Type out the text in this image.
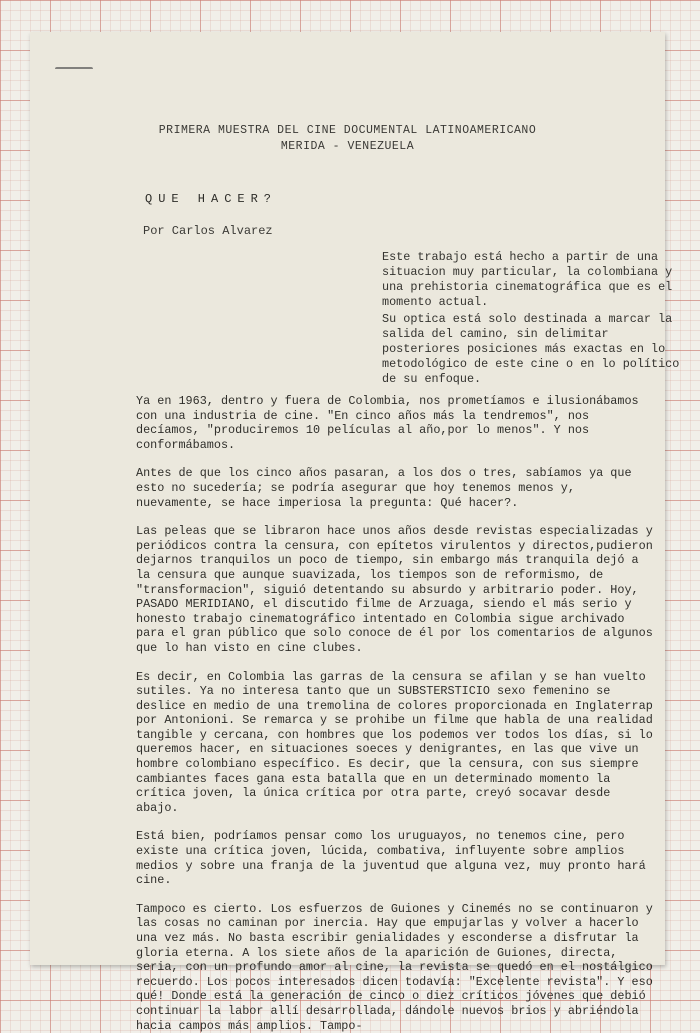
PRIMERA MUESTRA DEL CINE DOCUMENTAL LATINOAMERICANO
MERIDA - VENEZUELA
QUE HACER?
Por Carlos Alvarez

Este trabajo está hecho a partir de una situacion muy particular, la colombiana y una prehistoria cinematográfica que es el momento actual.

Su optica está solo destinada a marcar la salida del camino, sin delimitar posteriores posiciones más exactas en lo metodológico de este cine o en lo político de su enfoque.

Ya en 1963, dentro y fuera de Colombia, nos prometíamos e ilusionábamos con una industria de cine. "En cinco años más la tendremos", nos decíamos, "produciremos 10 películas al año,por lo menos". Y nos conformábamos.

Antes de que los cinco años pasaran, a los dos o tres, sabíamos ya que esto no sucedería; se podría asegurar que hoy tenemos menos y, nuevamente, se hace imperiosa la pregunta: Qué hacer?.

Las peleas que se libraron hace unos años desde revistas especializadas y periódicos contra la censura, con epítetos virulentos y directos,pudieron dejarnos tranquilos un poco de tiempo, sin embargo más tranquila dejó a la censura que aunque suavizada, los tiempos son de reformismo, de "transformacion", siguió detentando su absurdo y arbitrario poder. Hoy, PASADO MERIDIANO, el discutido filme de Arzuaga, siendo el más serio y honesto trabajo cinematográfico intentado en Colombia sigue archivado para el gran público que solo conoce de él por los comentarios de algunos que lo han visto en cine clubes.

Es decir, en Colombia las garras de la censura se afilan y se han vuelto sutiles. Ya no interesa tanto que un SUBSTERSTICIO sexo femenino se deslice en medio de una tremolina de colores proporcionada en Inglaterrap por Antonioni. Se remarca y se prohibe un filme que habla de una realidad tangible y cercana, con hombres que los podemos ver todos los días, si lo queremos hacer, en situaciones soeces y denigrantes, en las que vive un hombre colombiano específico. Es decir, que la censura, con sus siempre cambiantes faces gana esta batalla que en un determinado momento la crítica joven, la única crítica por otra parte, creyó socavar desde abajo.

Está bien, podríamos pensar como los uruguayos, no tenemos cine, pero existe una crítica joven, lúcida, combativa, influyente sobre amplios medios y sobre una franja de la juventud que alguna vez, muy pronto hará cine.

Tampoco es cierto. Los esfuerzos de Guiones y Cinemés no se continuaron y las cosas no caminan por inercia. Hay que empujarlas y volver a hacerlo una vez más. No basta escribir genialidades y esconderse a disfrutar la gloria eterna. A los siete años de la aparición de Guiones, directa, seria, con un profundo amor al cine, la revista se quedó en el nostálgico recuerdo. Los pocos interesados dicen todavía: "Excelente revista". Y eso qué! Donde está la generación de cinco o diez críticos jóvenes que debió continuar la labor allí desarrollada, dándole nuevos brios y abriéndola hacia campos más amplios. Tampo-
